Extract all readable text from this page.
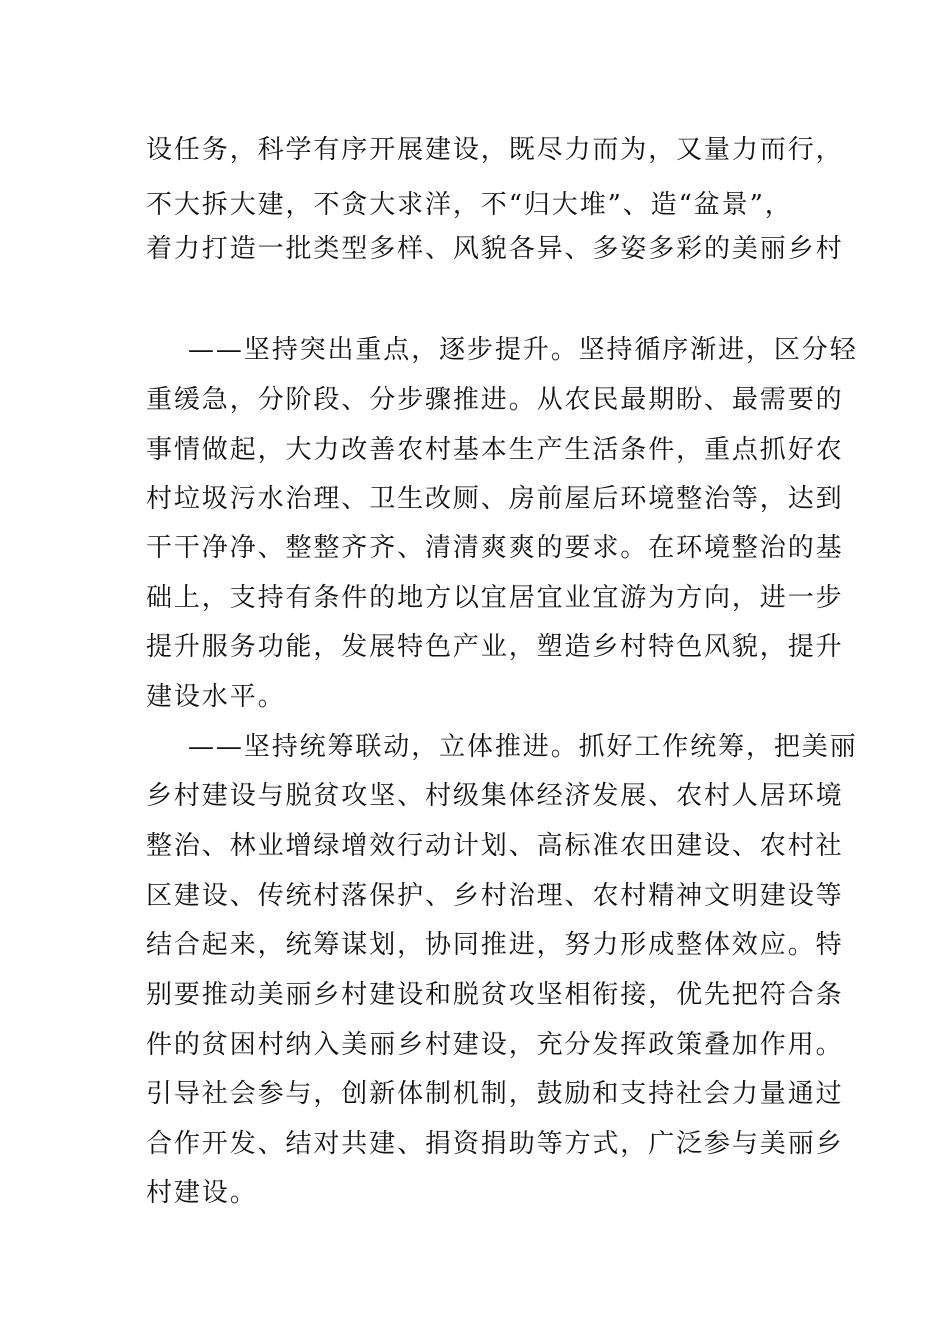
设任务，科学有序开展建设，既尽力而为，又量力而行，
不大拆大建，不贪大求洋，不“归大堆”、造“盆景”，
着力打造一批类型多样、风貌各异、多姿多彩的美丽乡村
——坚持突出重点，逐步提升。坚持循序渐进，区分轻
重缓急，分阶段、分步骤推进。从农民最期盼、最需要的
事情做起，大力改善农村基本生产生活条件，重点抓好农
村垃圾污水治理、卫生改厕、房前屋后环境整治等，达到
干干净净、整整齐齐、清清爽爽的要求。在环境整治的基
础上，支持有条件的地方以宜居宜业宜游为方向，进一步
提升服务功能，发展特色产业，塑造乡村特色风貌，提升
建设水平。
——坚持统筹联动，立体推进。抓好工作统筹，把美丽
乡村建设与脱贫攻坚、村级集体经济发展、农村人居环境
整治、林业增绿增效行动计划、高标准农田建设、农村社
区建设、传统村落保护、乡村治理、农村精神文明建设等
结合起来，统筹谋划，协同推进，努力形成整体效应。特
别要推动美丽乡村建设和脱贫攻坚相衔接，优先把符合条
件的贫困村纳入美丽乡村建设，充分发挥政策叠加作用。
引导社会参与，创新体制机制，鼓励和支持社会力量通过
合作开发、结对共建、捐资捐助等方式，广泛参与美丽乡
村建设。
